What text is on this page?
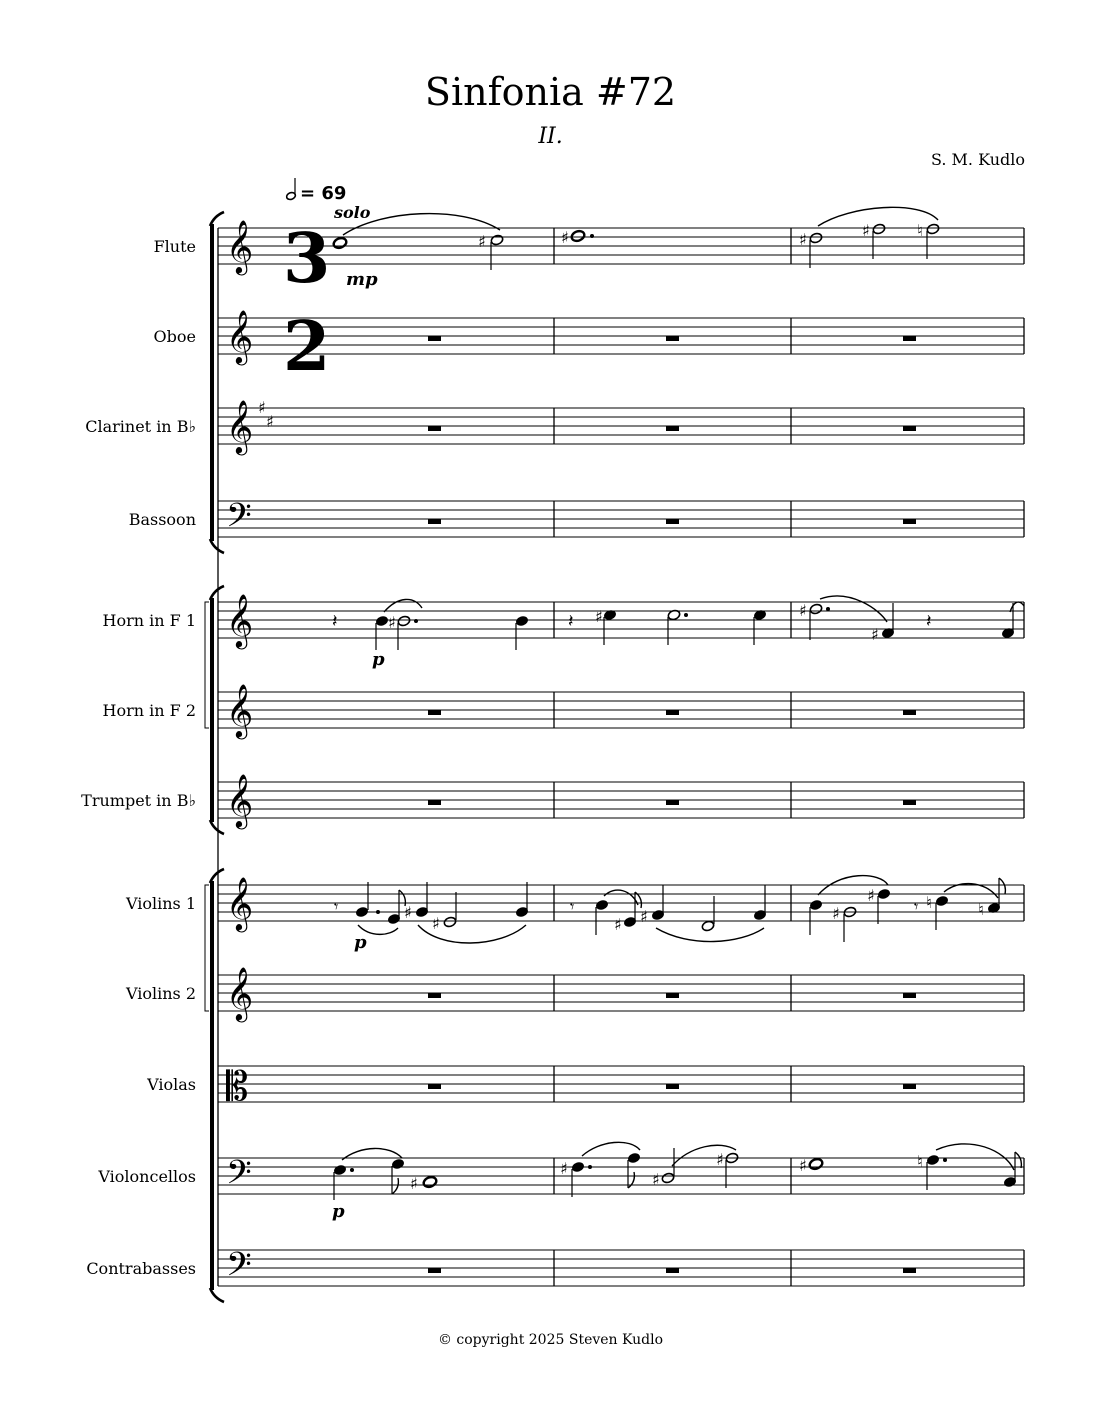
Sinfonia #72
II.
S. M. Kudlo
= 69
solo
3
2
Flute 𝄞
Oboe 𝄞
Clarinet in B♭ 𝄞 ♯
♯
Bassoon 𝄢
Horn in F 1 𝄞
Horn in F 2 𝄞
Trumpet in B♭ 𝄞
Violins 1 𝄞
Violins 2 𝄞
Violas 𝄡
Violoncellos 𝄢
Contrabasses 𝄢
mp
♯	♯	♯	♯	♮
𝄽
p
♯	𝄽 ♯	♯
♯
𝄽
𝄾
p
♯
♯
𝄾
♯ ♯	♯
♯
𝄾 ♮	♮
p
♯
♯
♯
♯	♯	♮
© copyright 2025 Steven Kudlo
